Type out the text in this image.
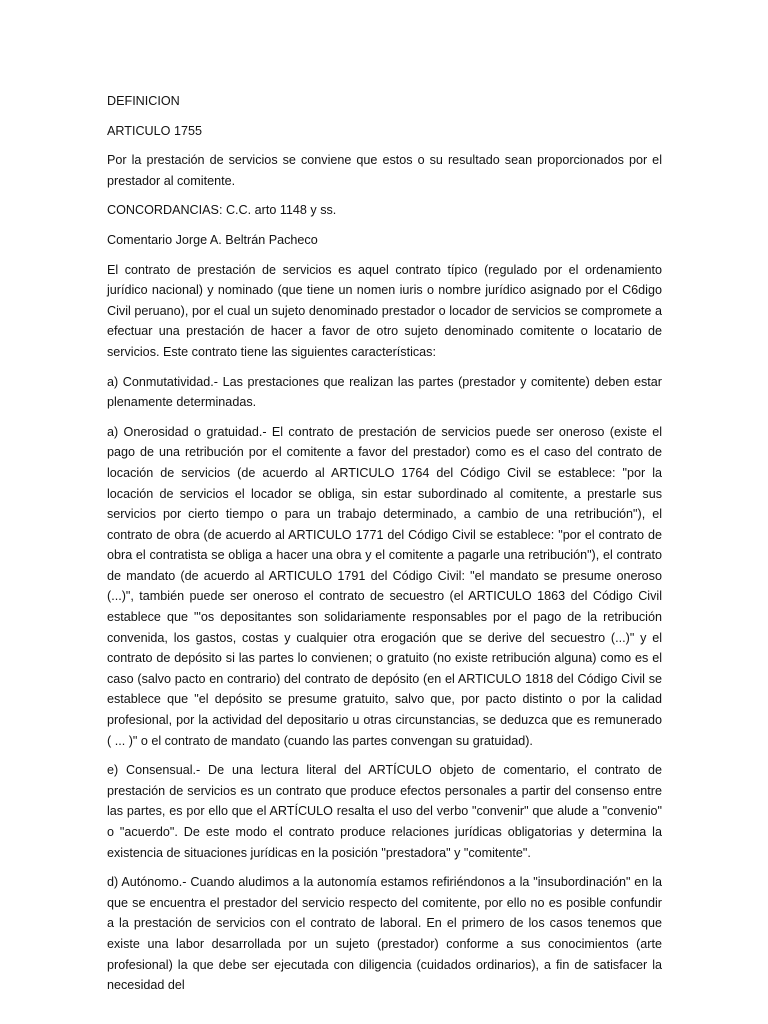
DEFINICION

ARTICULO 1755

Por la prestación de servicios se conviene que estos o su resultado sean proporcionados por el prestador al comitente.

CONCORDANCIAS: C.C. arto 1148 y ss.

Comentario Jorge A. Beltrán Pacheco

El contrato de prestación de servicios es aquel contrato típico (regulado por el ordenamiento jurídico nacional) y nominado (que tiene un nomen iuris o nombre jurídico asignado por el C6digo Civil peruano), por el cual un sujeto denominado prestador o locador de servicios se compromete a efectuar una prestación de hacer a favor de otro sujeto denominado comitente o locatario de servicios. Este contrato tiene las siguientes características:

a) Conmutatividad.- Las prestaciones que realizan las partes (prestador y comitente) deben estar plenamente determinadas.

a) Onerosidad o gratuidad.- El contrato de prestación de servicios puede ser oneroso (existe el pago de una retribución por el comitente a favor del prestador) como es el caso del contrato de locación de servicios (de acuerdo al ARTICULO 1764 del Código Civil se establece: "por la locación de servicios el locador se obliga, sin estar subordinado al comitente, a prestarle sus servicios por cierto tiempo o para un trabajo determinado, a cambio de una retribución"), el contrato de obra (de acuerdo al ARTICULO 1771 del Código Civil se establece: "por el contrato de obra el contratista se obliga a hacer una obra y el comitente a pagarle una retribución"), el contrato de mandato (de acuerdo al ARTICULO 1791 del Código Civil: "el mandato se presume oneroso (...)", también puede ser oneroso el contrato de secuestro (el ARTICULO 1863 del Código Civil establece que "'os depositantes son solidariamente responsables por el pago de la retribución convenida, los gastos, costas y cualquier otra erogación que se derive del secuestro (...)" y el contrato de depósito si las partes lo convienen; o gratuito (no existe retribución alguna) como es el caso (salvo pacto en contrario) del contrato de depósito (en el ARTICULO 1818 del Código Civil se establece que "el depósito se presume gratuito, salvo que, por pacto distinto o por la calidad profesional, por la actividad del depositario u otras circunstancias, se deduzca que es remunerado ( ... )" o el contrato de mandato (cuando las partes convengan su gratuidad).

e) Consensual.- De una lectura literal del ARTÍCULO objeto de comentario, el contrato de prestación de servicios es un contrato que produce efectos personales a partir del consenso entre las partes, es por ello que el ARTÍCULO resalta el uso del verbo "convenir" que alude a "convenio" o "acuerdo". De este modo el contrato produce relaciones jurídicas obligatorias y determina la existencia de situaciones jurídicas en la posición "prestadora" y "comitente".

d) Autónomo.- Cuando aludimos a la autonomía estamos refiriéndonos a la "insubordinación" en la que se encuentra el prestador del servicio respecto del comitente, por ello no es posible confundir a la prestación de servicios con el contrato de laboral. En el primero de los casos tenemos que existe una labor desarrollada por un sujeto (prestador) conforme a sus conocimientos (arte profesional) la que debe ser ejecutada con diligencia (cuidados ordinarios), a fin de satisfacer la necesidad del
